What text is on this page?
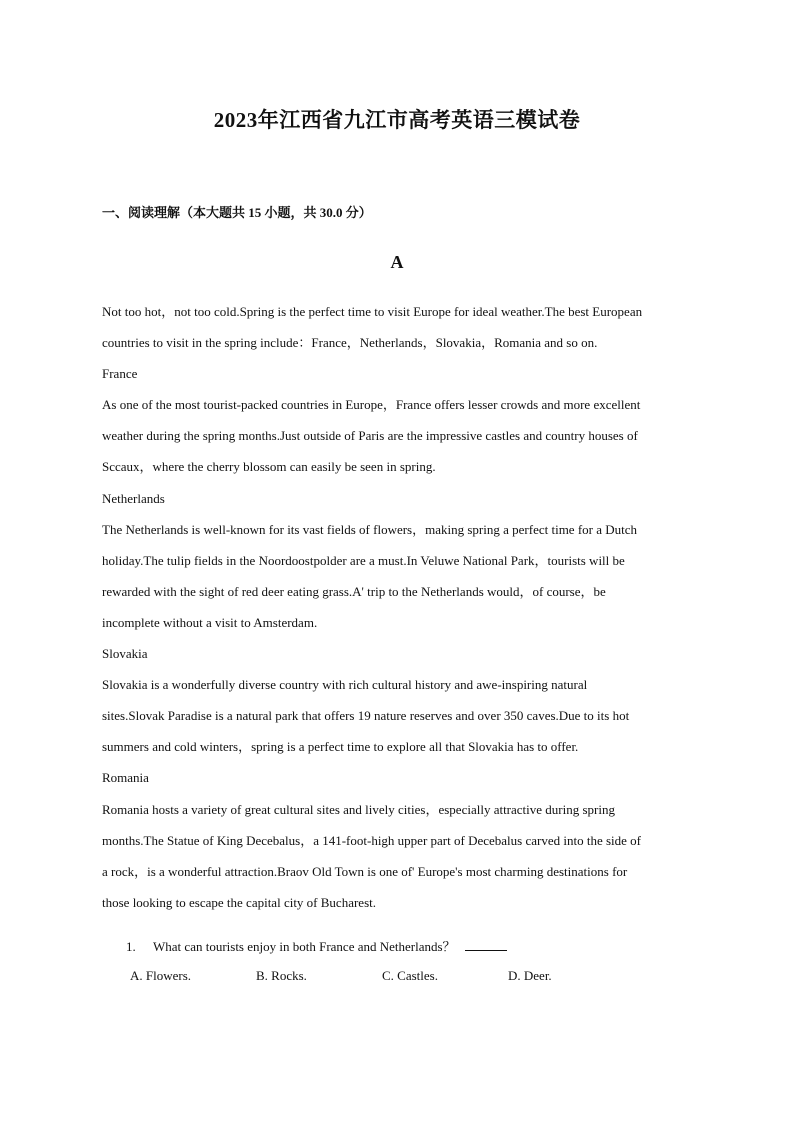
2023年江西省九江市高考英语三模试卷
一、阅读理解（本大题共 15 小题，共 30.0 分）
A
Not too hot，not too cold.Spring is the perfect time to visit Europe for ideal weather.The best European
countries to visit in the spring include：France，Netherlands，Slovakia，Romania and so on.
France
As one of the most tourist-packed countries in Europe，France offers lesser crowds and more excellent
weather during the spring months.Just outside of Paris are the impressive castles and country houses of
Sccaux，where the cherry blossom can easily be seen in spring.
Netherlands
The Netherlands is well-known for its vast fields of flowers，making spring a perfect time for a Dutch
holiday.The tulip fields in the Noordoostpolder are a must.In Veluwe National Park，tourists will be
rewarded with the sight of red deer eating grass.A' trip to the Netherlands would，of course，be
incomplete without a visit to Amsterdam.
Slovakia
Slovakia is a wonderfully diverse country with rich cultural history and awe-inspiring natural
sites.Slovak Paradise is a natural park that offers 19 nature reserves and over 350 caves.Due to its hot
summers and cold winters，spring is a perfect time to explore all that Slovakia has to offer.
Romania
Romania hosts a variety of great cultural sites and lively cities，especially attractive during spring
months.The Statue of King Decebalus，a 141-foot-high upper part of Decebalus carved into the side of
a rock，is a wonderful attraction.Braov Old Town is one of' Europe's most charming destinations for
those looking to escape the capital city of Bucharest.
1. What can tourists enjoy in both France and Netherlands？
A. Flowers.	B. Rocks.	C. Castles.	D. Deer.
